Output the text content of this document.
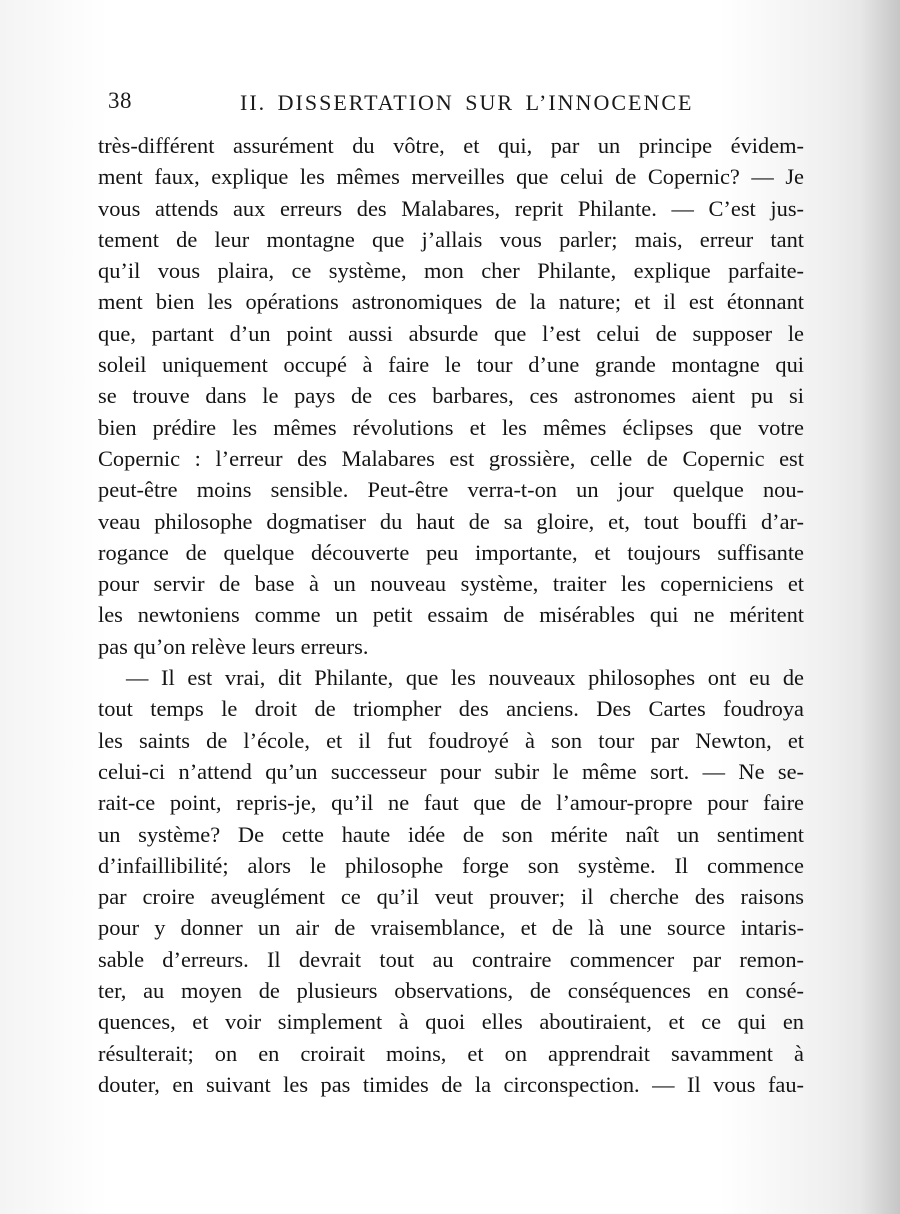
38	II. DISSERTATION SUR L’INNOCENCE
très-différent assurément du vôtre, et qui, par un principe évidem-
ment faux, explique les mêmes merveilles que celui de Copernic? — Je
vous attends aux erreurs des Malabares, reprit Philante. — C’est jus-
tement de leur montagne que j’allais vous parler; mais, erreur tant
qu’il vous plaira, ce système, mon cher Philante, explique parfaite-
ment bien les opérations astronomiques de la nature; et il est étonnant
que, partant d’un point aussi absurde que l’est celui de supposer le
soleil uniquement occupé à faire le tour d’une grande montagne qui
se trouve dans le pays de ces barbares, ces astronomes aient pu si
bien prédire les mêmes révolutions et les mêmes éclipses que votre
Copernic : l’erreur des Malabares est grossière, celle de Copernic est
peut-être moins sensible. Peut-être verra-t-on un jour quelque nou-
veau philosophe dogmatiser du haut de sa gloire, et, tout bouffi d’ar-
rogance de quelque découverte peu importante, et toujours suffisante
pour servir de base à un nouveau système, traiter les coperniciens et
les newtoniens comme un petit essaim de misérables qui ne méritent
pas qu’on relève leurs erreurs.
— Il est vrai, dit Philante, que les nouveaux philosophes ont eu de
tout temps le droit de triompher des anciens. Des Cartes foudroya
les saints de l’école, et il fut foudroyé à son tour par Newton, et
celui-ci n’attend qu’un successeur pour subir le même sort. — Ne se-
rait-ce point, repris-je, qu’il ne faut que de l’amour-propre pour faire
un système? De cette haute idée de son mérite naît un sentiment
d’infaillibilité; alors le philosophe forge son système. Il commence
par croire aveuglément ce qu’il veut prouver; il cherche des raisons
pour y donner un air de vraisemblance, et de là une source intaris-
sable d’erreurs. Il devrait tout au contraire commencer par remon-
ter, au moyen de plusieurs observations, de conséquences en consé-
quences, et voir simplement à quoi elles aboutiraient, et ce qui en
résulterait; on en croirait moins, et on apprendrait savamment à
douter, en suivant les pas timides de la circonspection. — Il vous fau-
